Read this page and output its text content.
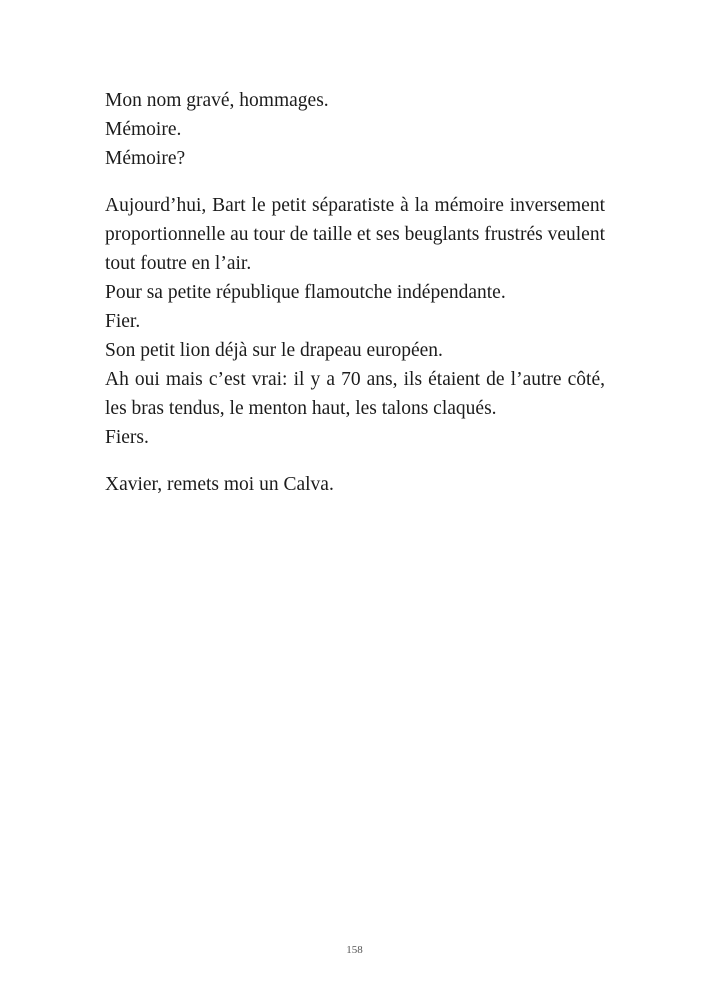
Mon nom gravé, hommages.

Mémoire.

Mémoire?

Aujourd’hui, Bart le petit séparatiste à la mémoire inversement proportionnelle au tour de taille et ses beuglants frustrés veulent tout foutre en l’air.

Pour sa petite république flamoutche indépendante.

Fier.

Son petit lion déjà sur le drapeau européen.

Ah oui mais c’est vrai: il y a 70 ans, ils étaient de l’autre côté, les bras tendus, le menton haut, les talons claqués.

Fiers.

Xavier, remets moi un Calva.

158
